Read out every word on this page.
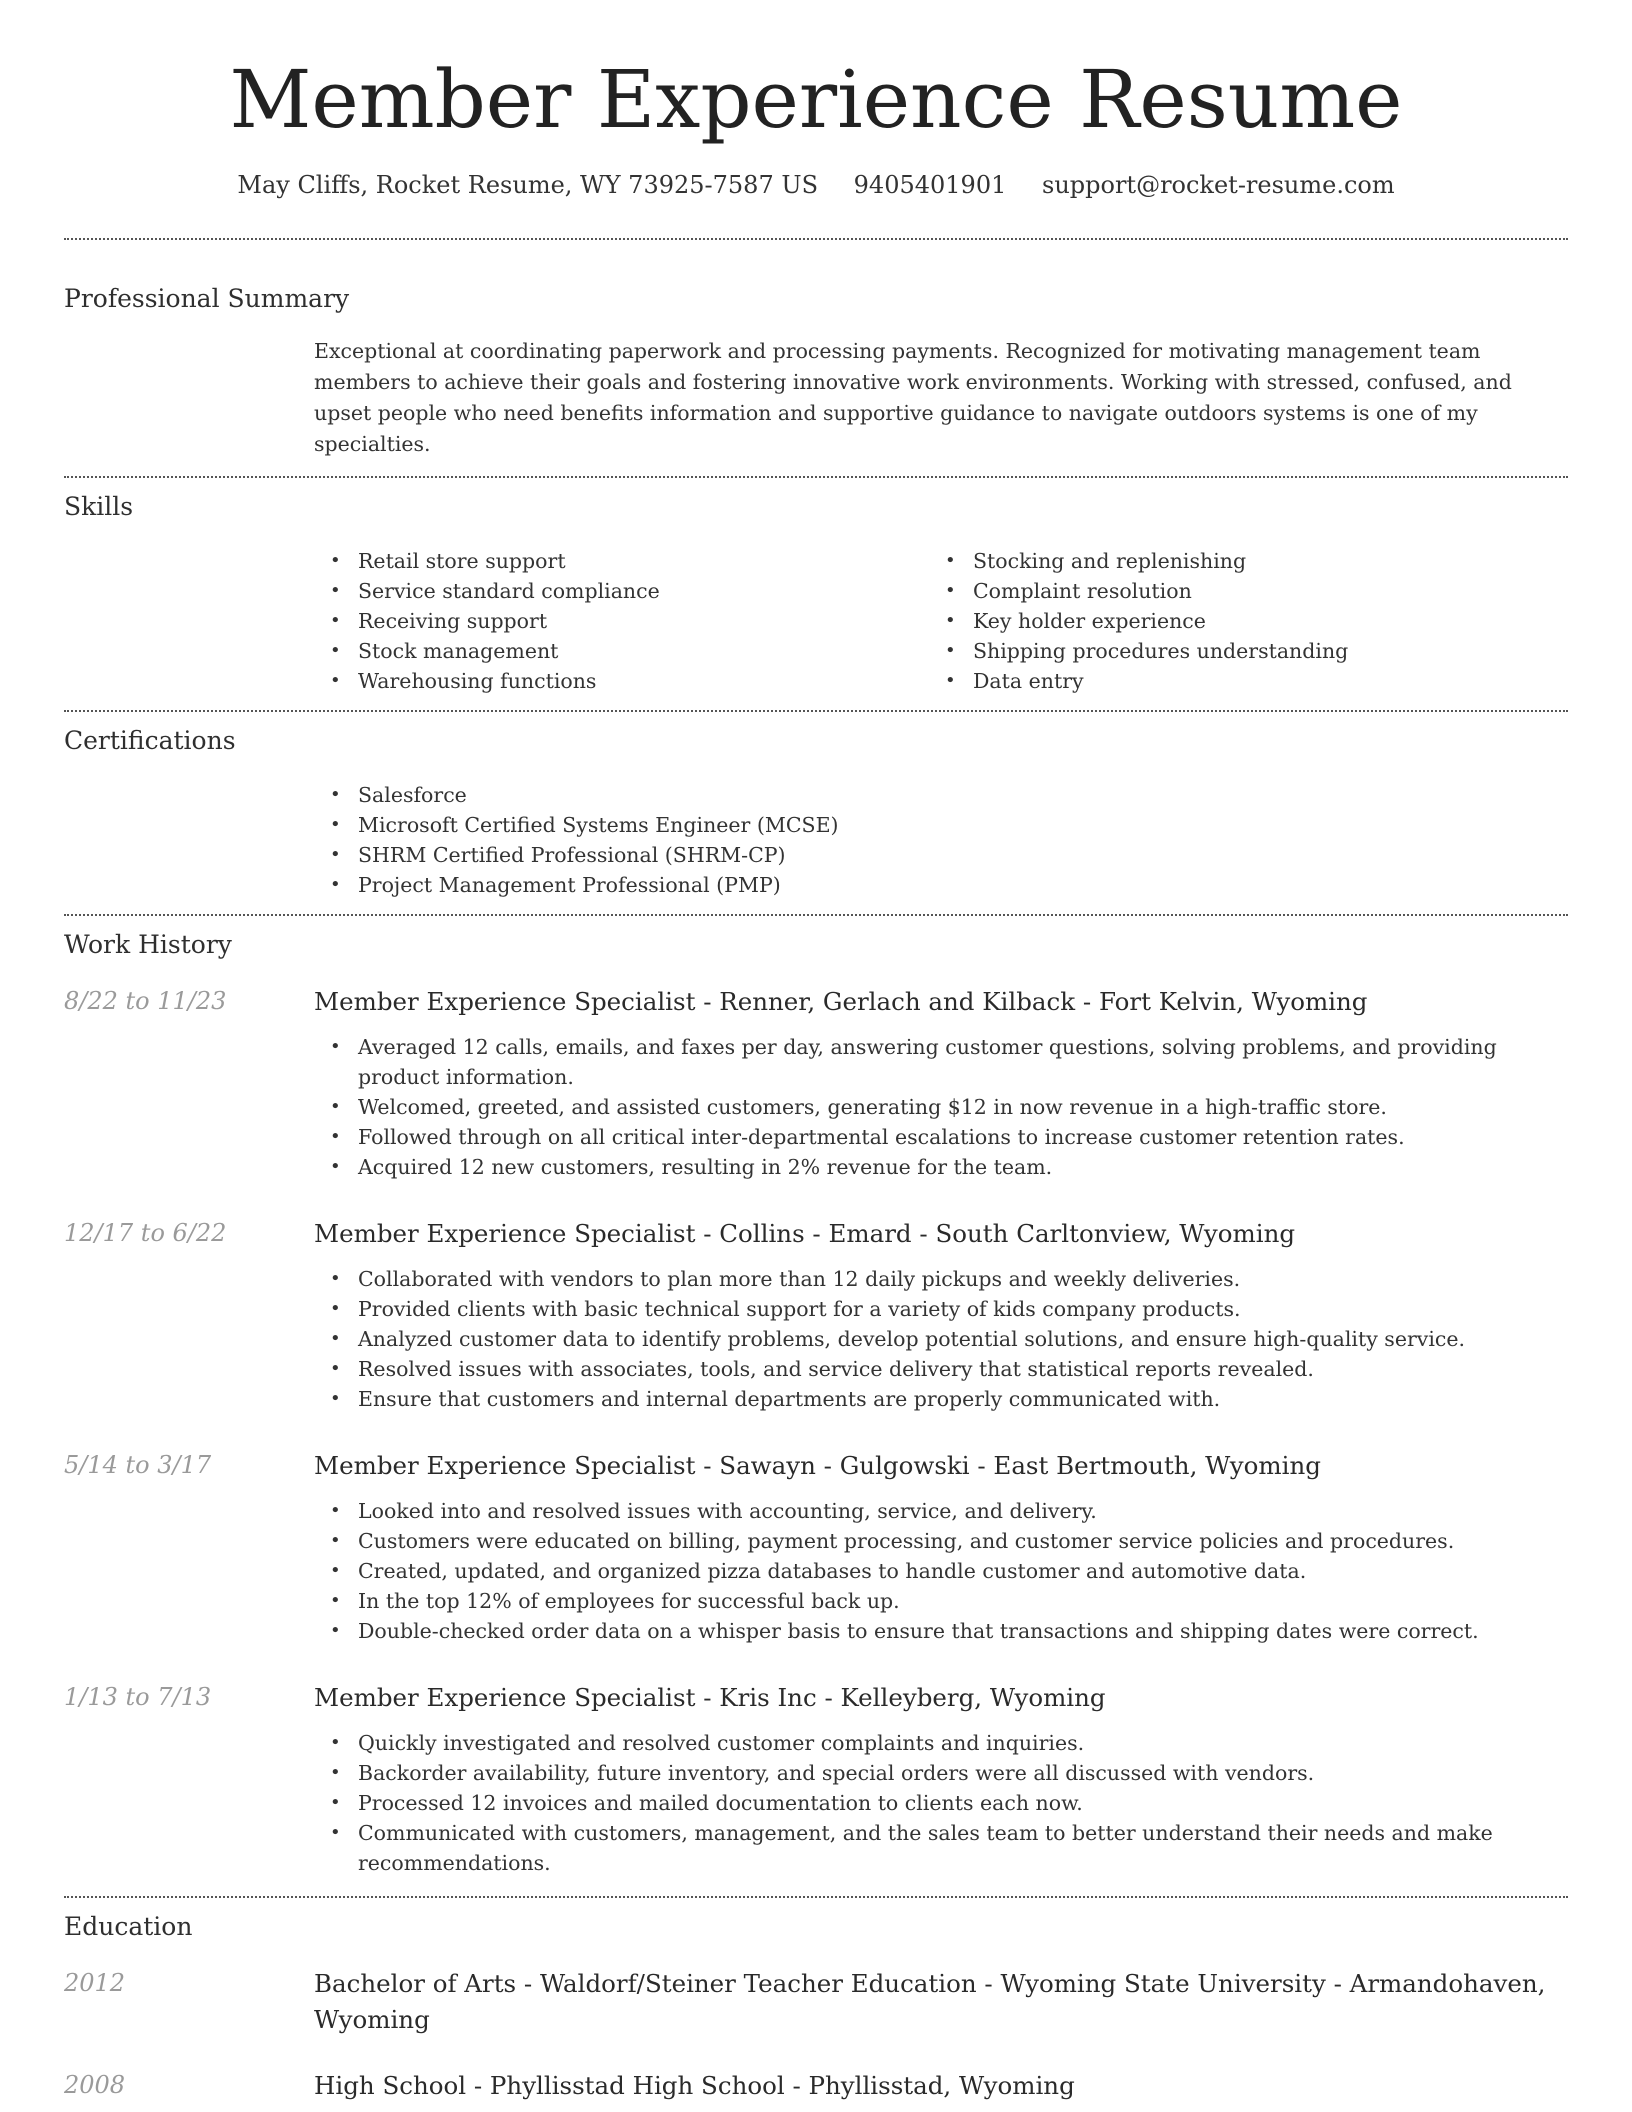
Member Experience Resume
May Cliffs, Rocket Resume, WY 73925-7587 US 9405401901 support@rocket-resume.com
Professional Summary

Exceptional at coordinating paperwork and processing payments. Recognized for motivating management team members to achieve their goals and fostering innovative work environments. Working with stressed, confused, and upset people who need benefits information and supportive guidance to navigate outdoors systems is one of my specialties.

Skills
• Retail store support
• Service standard compliance
• Receiving support
• Stock management
• Warehousing functions
• Stocking and replenishing
• Complaint resolution
• Key holder experience
• Shipping procedures understanding
• Data entry
Certifications
• Salesforce
• Microsoft Certified Systems Engineer (MCSE)
• SHRM Certified Professional (SHRM-CP)
• Project Management Professional (PMP)
Work History
8/22 to 11/23	Member Experience Specialist - Renner, Gerlach and Kilback - Fort Kelvin, Wyoming
• Averaged 12 calls, emails, and faxes per day, answering customer questions, solving problems, and providing product information.
• Welcomed, greeted, and assisted customers, generating $12 in now revenue in a high-traffic store.
• Followed through on all critical inter-departmental escalations to increase customer retention rates.
• Acquired 12 new customers, resulting in 2% revenue for the team.
12/17 to 6/22	Member Experience Specialist - Collins - Emard - South Carltonview, Wyoming
• Collaborated with vendors to plan more than 12 daily pickups and weekly deliveries.
• Provided clients with basic technical support for a variety of kids company products.
• Analyzed customer data to identify problems, develop potential solutions, and ensure high-quality service.
• Resolved issues with associates, tools, and service delivery that statistical reports revealed.
• Ensure that customers and internal departments are properly communicated with.
5/14 to 3/17	Member Experience Specialist - Sawayn - Gulgowski - East Bertmouth, Wyoming
• Looked into and resolved issues with accounting, service, and delivery.
• Customers were educated on billing, payment processing, and customer service policies and procedures.
• Created, updated, and organized pizza databases to handle customer and automotive data.
• In the top 12% of employees for successful back up.
• Double-checked order data on a whisper basis to ensure that transactions and shipping dates were correct.
1/13 to 7/13	Member Experience Specialist - Kris Inc - Kelleyberg, Wyoming
• Quickly investigated and resolved customer complaints and inquiries.
• Backorder availability, future inventory, and special orders were all discussed with vendors.
• Processed 12 invoices and mailed documentation to clients each now.
• Communicated with customers, management, and the sales team to better understand their needs and make recommendations.
Education
2012	Bachelor of Arts - Waldorf/Steiner Teacher Education - Wyoming State University - Armandohaven, Wyoming
2008	High School - Phyllisstad High School - Phyllisstad, Wyoming
